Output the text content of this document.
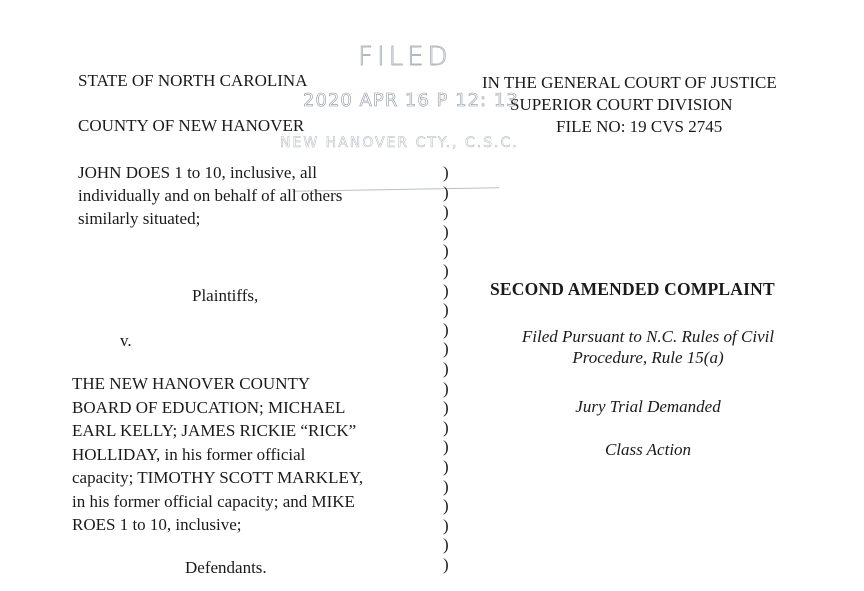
STATE OF NORTH CAROLINA
COUNTY OF NEW HANOVER
IN THE GENERAL COURT OF JUSTICE
SUPERIOR COURT DIVISION
FILE NO: 19 CVS 2745
FILED
2020 APR 16 P 12: 13
NEW HANOVER CTY., C.S.C.
JOHN DOES 1 to 10, inclusive, all
individually and on behalf of all others
similarly situated;
Plaintiffs,
v.
THE NEW HANOVER COUNTY
BOARD OF EDUCATION; MICHAEL
EARL KELLY; JAMES RICKIE “RICK”
HOLLIDAY, in his former official
capacity; TIMOTHY SCOTT MARKLEY,
in his former official capacity; and MIKE
ROES 1 to 10, inclusive;
Defendants.
)
)
)
)
)
)
)
)
)
)
)
)
)
)
)
)
)
)
)
)
)
SECOND AMENDED COMPLAINT
Filed Pursuant to N.C. Rules of Civil Procedure, Rule 15(a)
Jury Trial Demanded
Class Action
